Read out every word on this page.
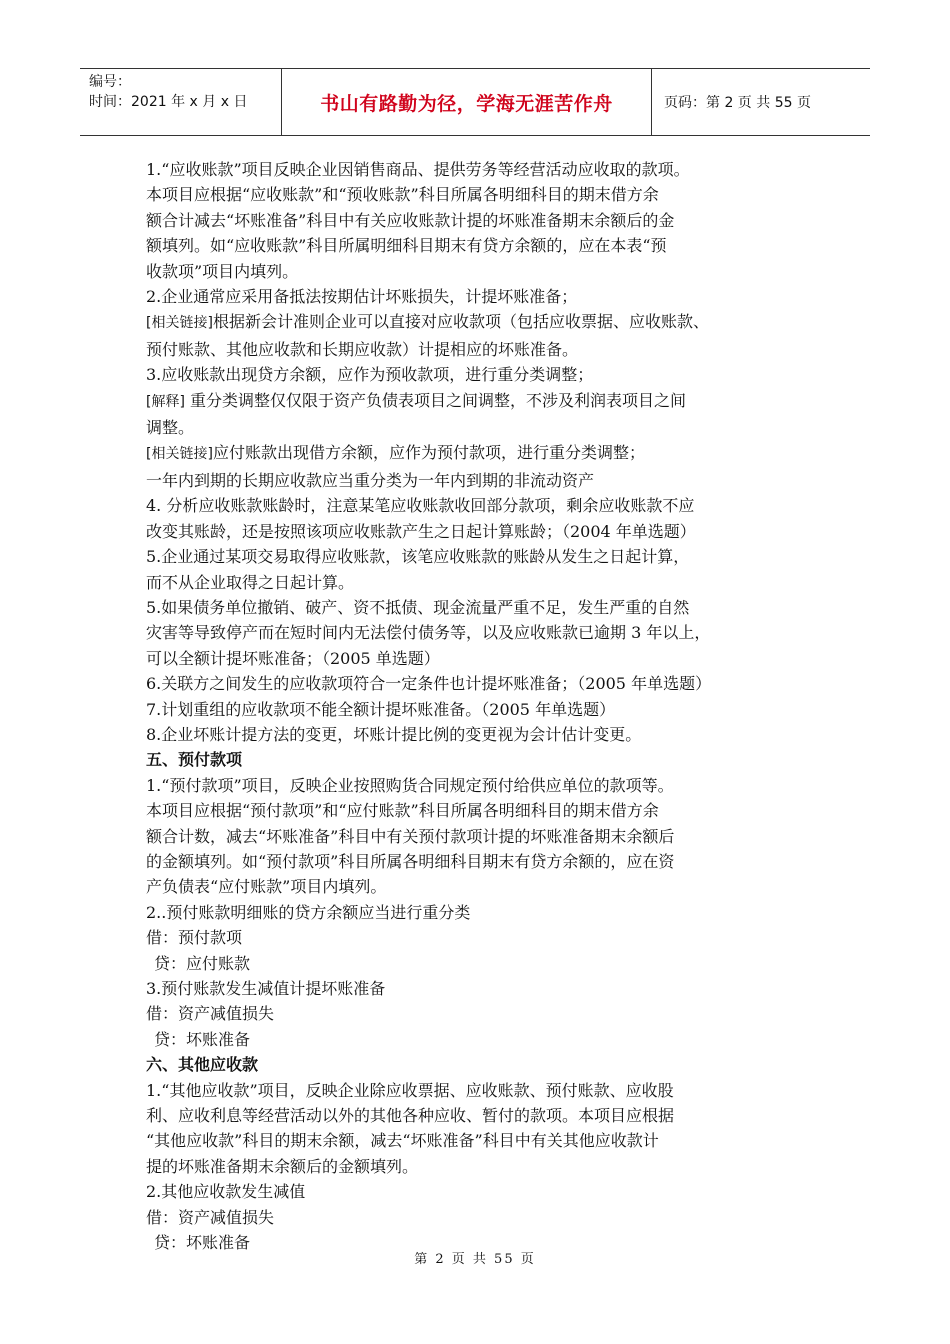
编号：
时间：2021 年 x 月 x 日	书山有路勤为径，学海无涯苦作舟	页码：第 2 页 共 55 页

1.“应收账款”项目反映企业因销售商品、提供劳务等经营活动应收取的款项。

本项目应根据“应收账款”和“预收账款”科目所属各明细科目的期末借方余

额合计减去“坏账准备”科目中有关应收账款计提的坏账准备期末余额后的金

额填列。如“应收账款”科目所属明细科目期末有贷方余额的，应在本表“预

收款项”项目内填列。

2.企业通常应采用备抵法按期估计坏账损失，计提坏账准备；

[相关链接]根据新会计准则企业可以直接对应收款项（包括应收票据、应收账款、

预付账款、其他应收款和长期应收款）计提相应的坏账准备。

3.应收账款出现贷方余额，应作为预收款项，进行重分类调整；

[解释] 重分类调整仅仅限于资产负债表项目之间调整，不涉及利润表项目之间

调整。

[相关链接]应付账款出现借方余额，应作为预付款项，进行重分类调整；

一年内到期的长期应收款应当重分类为一年内到期的非流动资产

4. 分析应收账款账龄时，注意某笔应收账款收回部分款项，剩余应收账款不应

改变其账龄，还是按照该项应收账款产生之日起计算账龄；（2004 年单选题）

5.企业通过某项交易取得应收账款，该笔应收账款的账龄从发生之日起计算，

而不从企业取得之日起计算。

5.如果债务单位撤销、破产、资不抵债、现金流量严重不足，发生严重的自然

灾害等导致停产而在短时间内无法偿付债务等，以及应收账款已逾期 3 年以上，

可以全额计提坏账准备；（2005 单选题）

6.关联方之间发生的应收款项符合一定条件也计提坏账准备；（2005 年单选题）

7.计划重组的应收款项不能全额计提坏账准备。（2005 年单选题）

8.企业坏账计提方法的变更，坏账计提比例的变更视为会计估计变更。

五、预付款项

1.“预付款项”项目，反映企业按照购货合同规定预付给供应单位的款项等。

本项目应根据“预付款项”和“应付账款”科目所属各明细科目的期末借方余

额合计数，减去“坏账准备”科目中有关预付款项计提的坏账准备期末余额后

的金额填列。如“预付款项”科目所属各明细科目期末有贷方余额的，应在资

产负债表“应付账款”项目内填列。

2..预付账款明细账的贷方余额应当进行重分类

借：预付款项

贷：应付账款

3.预付账款发生减值计提坏账准备

借：资产减值损失

贷：坏账准备

六、其他应收款

1.“其他应收款”项目，反映企业除应收票据、应收账款、预付账款、应收股

利、应收利息等经营活动以外的其他各种应收、暂付的款项。本项目应根据

“其他应收款”科目的期末余额，减去“坏账准备”科目中有关其他应收款计

提的坏账准备期末余额后的金额填列。

2.其他应收款发生减值

借：资产减值损失

贷：坏账准备

第 2 页 共 55 页
